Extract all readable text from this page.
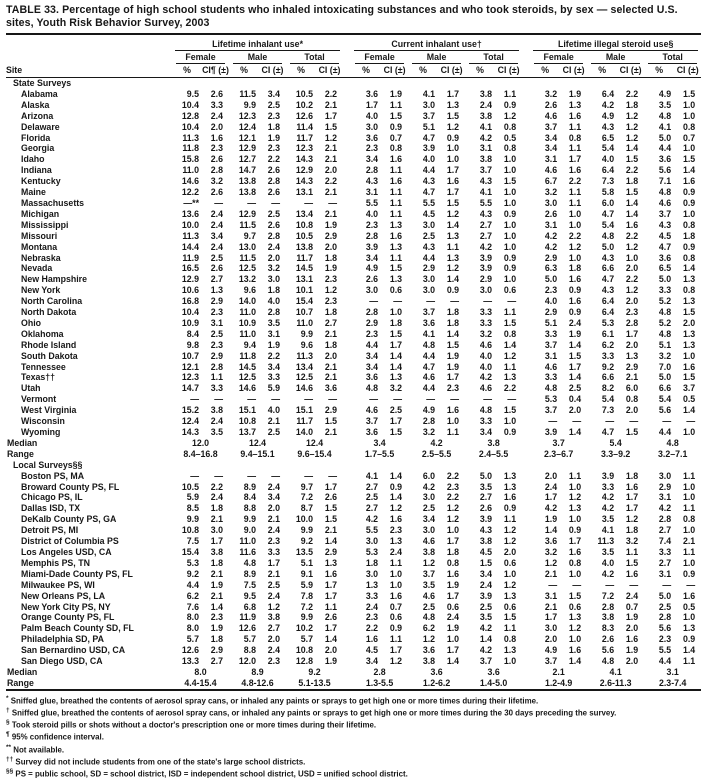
TABLE 33. Percentage of high school students who inhaled intoxicating substances and who took steroids, by sex — selected U.S. sites, Youth Risk Behavior Survey, 2003

	Lifetime inhalant use*							Current inhalant use†							Lifetime illegal steroid use§					

	Female		Male		Total			Female		Male		Total			Female		Male		Total	

Site	%	CI¶ (±)	%	CI (±)	%	CI (±)		%	CI (±)	%	CI (±)	%	CI (±)		%	CI (±)	%	CI (±)	%	CI (±)
State Surveys																				
Alabama	9.5	2.6	11.5	3.4	10.5	2.2		3.6	1.9	4.1	1.7	3.8	1.1		3.2	1.9	6.4	2.2	4.9	1.5
Alaska	10.4	3.3	9.9	2.5	10.2	2.1		1.7	1.1	3.0	1.3	2.4	0.9		2.6	1.3	4.2	1.8	3.5	1.0
Arizona	12.8	2.4	12.3	2.3	12.6	1.7		4.0	1.5	3.7	1.5	3.8	1.2		4.6	1.6	4.9	1.2	4.8	1.0
Delaware	10.4	2.0	12.4	1.8	11.4	1.5		3.0	0.9	5.1	1.2	4.1	0.8		3.7	1.1	4.3	1.2	4.1	0.8
Florida	11.3	1.6	12.1	1.9	11.7	1.2		3.6	0.7	4.7	0.9	4.2	0.5		3.4	0.8	6.5	1.2	5.0	0.7
Georgia	11.8	2.3	12.9	2.3	12.3	2.1		2.3	0.8	3.9	1.0	3.1	0.8		3.4	1.1	5.4	1.4	4.4	1.0
Idaho	15.8	2.6	12.7	2.2	14.3	2.1		3.4	1.6	4.0	1.0	3.8	1.0		3.1	1.7	4.0	1.5	3.6	1.5
Indiana	11.0	2.8	14.7	2.6	12.9	2.0		2.8	1.1	4.4	1.7	3.7	1.0		4.6	1.6	6.4	2.2	5.6	1.4
Kentucky	14.6	3.2	13.8	2.8	14.3	2.2		4.3	1.6	4.3	1.6	4.3	1.5		6.7	2.2	7.3	1.8	7.1	1.6
Maine	12.2	2.6	13.8	2.6	13.1	2.1		3.1	1.1	4.7	1.7	4.1	1.0		3.2	1.1	5.8	1.5	4.8	0.9
Massachusetts	—**	—	—	—	—	—		5.5	1.1	5.5	1.5	5.5	1.0		3.0	1.1	6.0	1.4	4.6	0.9
Michigan	13.6	2.4	12.9	2.5	13.4	2.1		4.0	1.1	4.5	1.2	4.3	0.9		2.6	1.0	4.7	1.4	3.7	1.0
Mississippi	10.0	2.4	11.5	2.6	10.8	1.9		2.3	1.3	3.0	1.4	2.7	1.0		3.1	1.0	5.4	1.6	4.3	0.8
Missouri	11.3	3.4	9.7	2.8	10.5	2.9		2.8	1.6	2.5	1.3	2.7	1.0		4.2	2.2	4.8	2.2	4.5	1.8
Montana	14.4	2.4	13.0	2.4	13.8	2.0		3.9	1.3	4.3	1.1	4.2	1.0		4.2	1.2	5.0	1.2	4.7	0.9
Nebraska	11.9	2.5	11.5	2.0	11.7	1.8		3.4	1.1	4.4	1.3	3.9	0.9		2.9	1.0	4.3	1.0	3.6	0.8
Nevada	16.5	2.6	12.5	3.2	14.5	1.9		4.9	1.5	2.9	1.2	3.9	0.9		6.3	1.8	6.6	2.0	6.5	1.4
New Hampshire	12.9	2.7	13.2	3.0	13.1	2.3		2.6	1.3	3.0	1.4	2.9	1.0		5.0	1.6	4.7	2.2	5.0	1.3
New York	10.6	1.3	9.6	1.8	10.1	1.2		3.0	0.6	3.0	0.9	3.0	0.6		2.3	0.9	4.3	1.2	3.3	0.8
North Carolina	16.8	2.9	14.0	4.0	15.4	2.3		—	—	—	—	—	—		4.0	1.6	6.4	2.0	5.2	1.3
North Dakota	10.4	2.3	11.0	2.8	10.7	1.8		2.8	1.0	3.7	1.8	3.3	1.1		2.9	0.9	6.4	2.3	4.8	1.5
Ohio	10.9	3.1	10.9	3.5	11.0	2.7		2.9	1.8	3.6	1.8	3.3	1.5		5.1	2.4	5.3	2.8	5.2	2.0
Oklahoma	8.4	2.5	11.0	3.1	9.9	2.1		2.3	1.5	4.1	1.4	3.2	0.8		3.3	1.9	6.1	1.7	4.8	1.3
Rhode Island	9.8	2.3	9.4	1.9	9.6	1.8		4.4	1.7	4.8	1.5	4.6	1.4		3.7	1.4	6.2	2.0	5.1	1.3
South Dakota	10.7	2.9	11.8	2.2	11.3	2.0		3.4	1.4	4.4	1.9	4.0	1.2		3.1	1.5	3.3	1.3	3.2	1.0
Tennessee	12.1	2.8	14.5	3.4	13.4	2.1		3.4	1.4	4.7	1.9	4.0	1.1		4.6	1.7	9.2	2.9	7.0	1.6
Texas††	12.3	1.1	12.5	3.3	12.5	2.1		3.6	1.3	4.6	1.7	4.2	1.3		3.3	1.4	6.6	2.1	5.0	1.5
Utah	14.7	3.3	14.6	5.9	14.6	3.6		4.8	3.2	4.4	2.3	4.6	2.2		4.8	2.5	8.2	6.0	6.6	3.7
Vermont	—	—	—	—	—	—		—	—	—	—	—	—		5.3	0.4	5.4	0.8	5.4	0.5
West Virginia	15.2	3.8	15.1	4.0	15.1	2.9		4.6	2.5	4.9	1.6	4.8	1.5		3.7	2.0	7.3	2.0	5.6	1.4
Wisconsin	12.4	2.4	10.8	2.1	11.7	1.5		3.7	1.7	2.8	1.0	3.3	1.0		—	—	—	—	—	—
Wyoming	14.3	3.5	13.7	2.5	14.0	2.1		3.6	1.5	3.2	1.1	3.4	0.9		3.9	1.4	4.7	1.5	4.4	1.0
Median	12.0		12.4		12.4			3.4		4.2		3.8			3.7		5.4		4.8	
Range	8.4–16.8		9.4–15.1		9.6–15.4			1.7–5.5		2.5–5.5		2.4–5.5			2.3–6.7		3.3–9.2		3.2–7.1	
Local Surveys§§																				
Boston PS, MA	—	—	—	—	—	—		4.1	1.4	6.0	2.2	5.0	1.3		2.0	1.1	3.9	1.8	3.0	1.1
Broward County PS, FL	10.5	2.2	8.9	2.4	9.7	1.7		2.7	0.9	4.2	2.3	3.5	1.3		2.4	1.0	3.3	1.6	2.9	1.0
Chicago PS, IL	5.9	2.4	8.4	3.4	7.2	2.6		2.5	1.4	3.0	2.2	2.7	1.6		1.7	1.2	4.2	1.7	3.1	1.0
Dallas ISD, TX	8.5	1.8	8.8	2.0	8.7	1.5		2.7	1.2	2.5	1.2	2.6	0.9		4.2	1.3	4.2	1.7	4.2	1.1
DeKalb County PS, GA	9.9	2.1	9.9	2.1	10.0	1.5		4.2	1.6	3.4	1.2	3.9	1.1		1.9	1.0	3.5	1.2	2.8	0.8
Detroit PS, MI	10.8	3.0	9.0	2.4	9.9	2.1		5.5	2.3	3.0	1.0	4.3	1.2		1.4	0.9	4.1	1.8	2.7	1.0
District of Columbia PS	7.5	1.7	11.0	2.3	9.2	1.4		3.0	1.3	4.6	1.7	3.8	1.2		3.6	1.7	11.3	3.2	7.4	2.1
Los Angeles USD, CA	15.4	3.8	11.6	3.3	13.5	2.9		5.3	2.4	3.8	1.8	4.5	2.0		3.2	1.6	3.5	1.1	3.3	1.1
Memphis PS, TN	5.3	1.8	4.8	1.7	5.1	1.3		1.8	1.1	1.2	0.8	1.5	0.6		1.2	0.8	4.0	1.5	2.7	1.0
Miami-Dade County PS, FL	9.2	2.1	8.9	2.1	9.1	1.6		3.0	1.0	3.7	1.6	3.4	1.0		2.1	1.0	4.2	1.6	3.1	0.9
Milwaukee PS, WI	4.4	1.9	7.5	2.5	5.9	1.7		1.3	1.0	3.5	1.9	2.4	1.2		—	—	—	—	—	—
New Orleans PS, LA	6.2	2.1	9.5	2.4	7.8	1.7		3.3	1.6	4.6	1.7	3.9	1.3		3.1	1.5	7.2	2.4	5.0	1.6
New York City PS, NY	7.6	1.4	6.8	1.2	7.2	1.1		2.4	0.7	2.5	0.6	2.5	0.6		2.1	0.6	2.8	0.7	2.5	0.5
Orange County PS, FL	8.0	2.3	11.9	3.8	9.9	2.6		2.3	0.6	4.8	2.4	3.5	1.5		1.7	1.3	3.8	1.9	2.8	1.0
Palm Beach County SD, FL	8.0	1.9	12.6	2.7	10.2	1.7		2.2	0.9	6.2	1.9	4.2	1.1		3.0	1.2	8.3	2.0	5.6	1.3
Philadelphia SD, PA	5.7	1.8	5.7	2.0	5.7	1.4		1.6	1.1	1.2	1.0	1.4	0.8		2.0	1.0	2.6	1.6	2.3	0.9
San Bernardino USD, CA	12.6	2.9	8.8	2.4	10.8	2.0		4.5	1.7	3.6	1.7	4.2	1.3		4.9	1.6	5.6	1.9	5.5	1.4
San Diego USD, CA	13.3	2.7	12.0	2.3	12.8	1.9		3.4	1.2	3.8	1.4	3.7	1.0		3.7	1.4	4.8	2.0	4.4	1.1
Median	8.0		8.9		9.2			2.8		3.6		3.6			2.1		4.1		3.1	
Range	4.4-15.4		4.8-12.6		5.1-13.5			1.3-5.5		1.2-6.2		1.4-5.0			1.2-4.9		2.6-11.3		2.3-7.4	
* Sniffed glue, breathed the contents of aerosol spray cans, or inhaled any paints or sprays to get high one or more times during their lifetime.
† Sniffed glue, breathed the contents of aerosol spray cans, or inhaled any paints or sprays to get high one or more times during the 30 days preceding the survey.
§ Took steroid pills or shots without a doctor's prescription one or more times during their lifetime.
¶ 95% confidence interval.
** Not available.
†† Survey did not include students from one of the state's large school districts.
§§ PS = public school, SD = school district, ISD = independent school district, USD = unified school district.
